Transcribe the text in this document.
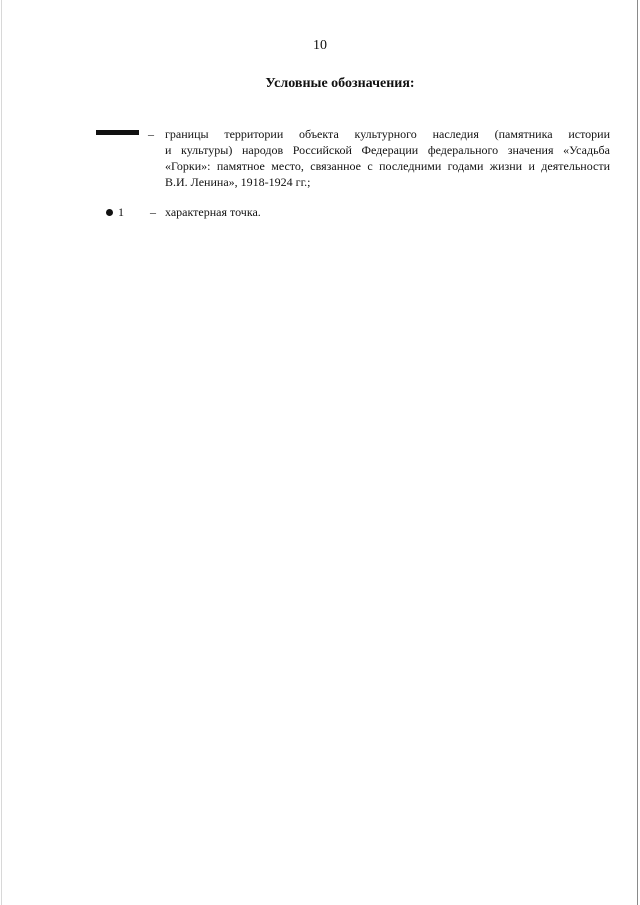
10
Условные обозначения:
– границы территории объекта культурного наследия (памятника истории
и культуры) народов Российской Федерации федерального значения «Усадьба
«Горки»: памятное место, связанное с последними годами жизни и деятельности
В.И. Ленина», 1918-1924 гг.;
1 – характерная точка.
